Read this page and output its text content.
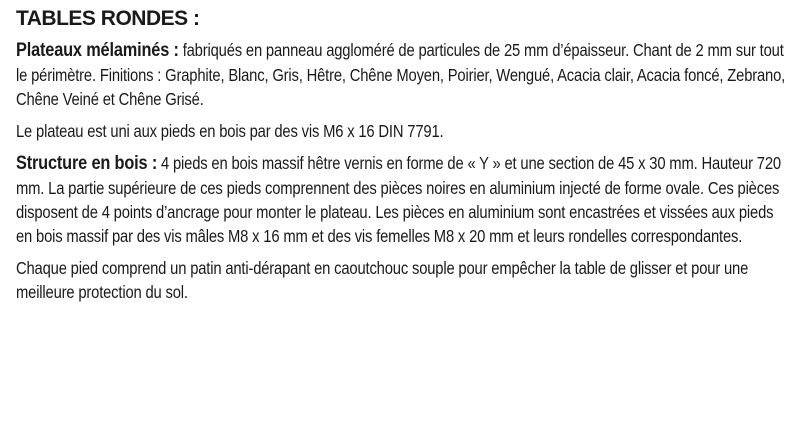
TABLES RONDES :

Plateaux mélaminés : fabriqués en panneau aggloméré de particules de 25 mm d’épaisseur. Chant de 2 mm sur tout le périmètre. Finitions : Graphite, Blanc, Gris, Hêtre, Chêne Moyen, Poirier, Wengué, Acacia clair, Acacia foncé, Zebrano, Chêne Veiné et Chêne Grisé.

Le plateau est uni aux pieds en bois par des vis M6 x 16 DIN 7791.

Structure en bois : 4 pieds en bois massif hêtre vernis en forme de « Y » et une section de 45 x 30 mm. Hauteur 720 mm. La partie supérieure de ces pieds comprennent des pièces noires en aluminium injecté de forme ovale. Ces pièces disposent de 4 points d’ancrage pour monter le plateau. Les pièces en aluminium sont encastrées et vissées aux pieds en bois massif par des vis mâles M8 x 16 mm et des vis femelles M8 x 20 mm et leurs rondelles correspondantes.

Chaque pied comprend un patin anti-dérapant en caoutchouc souple pour empêcher la table de glisser et pour une meilleure protection du sol.
